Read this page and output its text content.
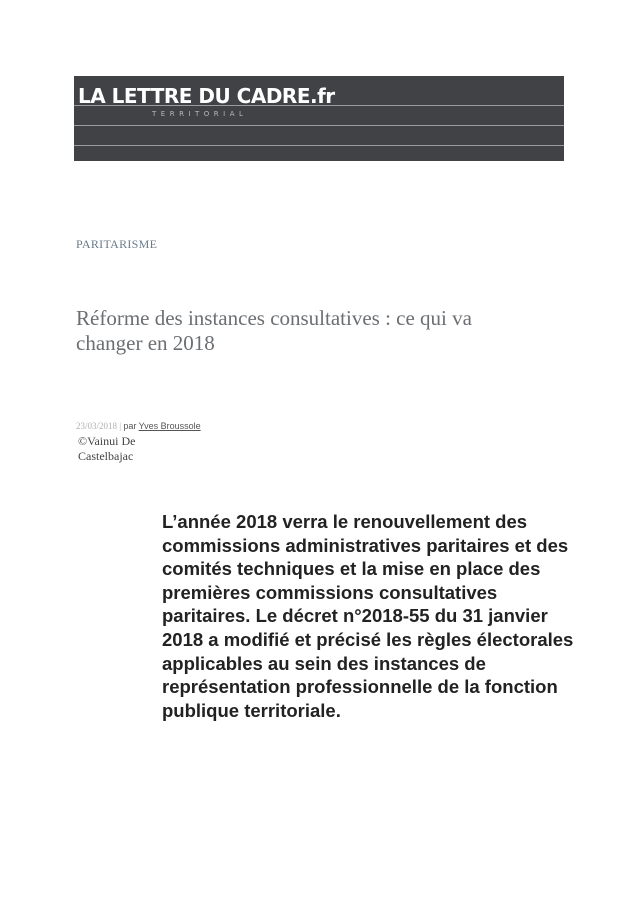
LA LETTRE DU CADRE.fr

TERRITORIAL

PARITARISME

Réforme des instances consultatives : ce qui va changer en 2018

23/03/2018 | par Yves Broussole

©Vainui De Castelbajac

L’année 2018 verra le renouvellement des commissions administratives paritaires et des comités techniques et la mise en place des premières commissions consultatives paritaires. Le décret n°2018-55 du 31 janvier 2018 a modifié et précisé les règles électorales applicables au sein des instances de représentation professionnelle de la fonction publique territoriale.
